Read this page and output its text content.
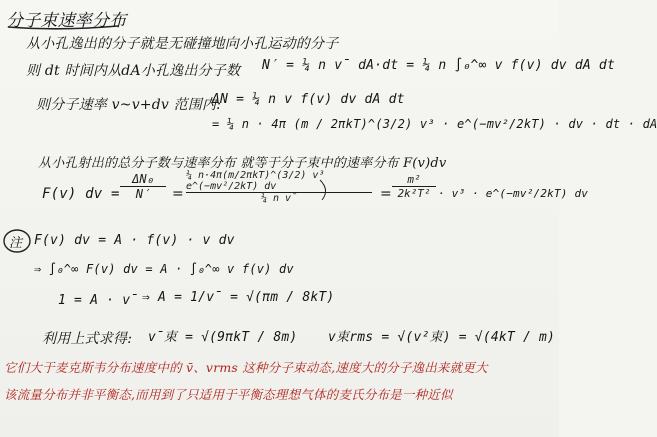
分子束速率分布
从小孔逸出的分子就是无碰撞地向小孔运动的分子
则 dt 时间内从dA小孔逸出分子数 N′ = ¼ n v̄ dA·dt = ¼ n ∫₀^∞ v f(v) dv dA dt
则分子速率 v~v+dv 范围内:
ΔN = ¼ n v f(v) dv dA dt
= ¼ n · 4π (m / 2πkT)^(3/2) v³ · e^(−mv²/2kT) · dv · dt · dA
从小孔射出的总分子数与速率分布 就等于分子束中的速率分布 F(v)dv
F(v) dv =
ΔN₀
N′ =
¼ n·4π(m/2πkT)^(3/2) v³ e^(−mv²/2kT) dv
¼ n v̄	=
m²
2k²T² · v³ · e^(−mv²/2kT) dv
注 F(v) dv = A · f(v) · v dv
⇒ ∫₀^∞ F(v) dv = A · ∫₀^∞ v f(v) dv
1 = A · v̄ ⇒ A = 1/v̄ = √(πm / 8kT)
利用上式求得: v̄束 = √(9πkT / 8m) v束rms = √(v²束) = √(4kT / m)
它们大于麦克斯韦分布速度中的 v̄、vrms 这种分子束动态,速度大的分子逸出来就更大
该流量分布并非平衡态,而用到了只适用于平衡态理想气体的麦氏分布是一种近似
